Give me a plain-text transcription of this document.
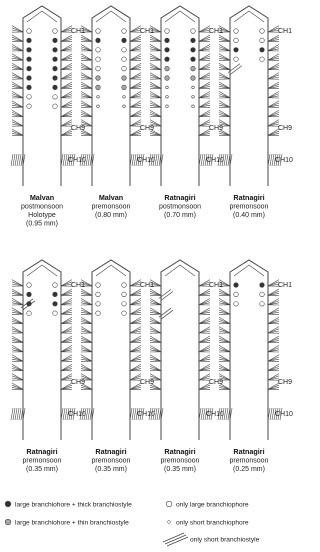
CH1
CH9
CH10
Malvan
postmonsoon
Holotype
(0.95 mm)
CH1
CH9
CH10
Malvan
premonsoon
(0.80 mm)
CH1
CH9
CH10
Ratnagiri
postmonsoon
(0.70 mm)
CH1
CH9
CH10
Ratnagiri
premonsoon
(0.40 mm)
CH1
CH9
CH10
Ratnagiri
premonsoon
(0.35 mm)
CH1
CH9
CH10
Ratnagiri
premonsoon
(0.35 mm)
CH1
CH9
CH10
Ratnagiri
premonsoon
(0.35 mm)
CH1
CH9
CH10
Ratnagiri
premonsoon
(0.25 mm)
large branchiohore + thick branchiostyle	only large branchiophore
large branchiohore + thin branchiostyle	only short branchiophore
only short branchiostyle
